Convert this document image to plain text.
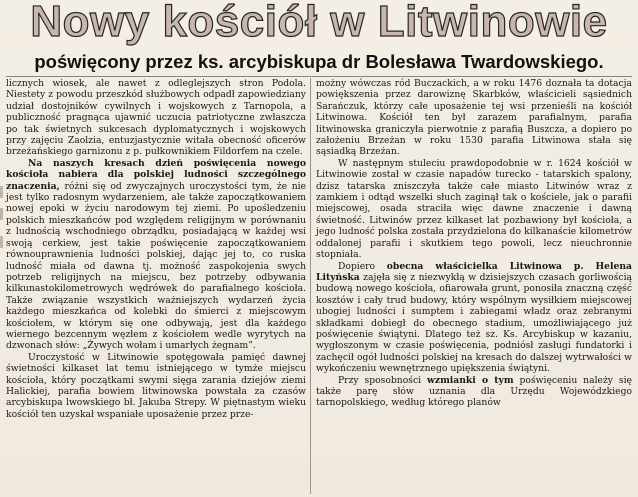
Nowy kościół w Litwinowie
poświęcony przez ks. arcybiskupa dr Bolesława Twardowskiego.

licznych wiosek, ale nawet z odleglejszych stron Podola. Niestety z powodu przeszkód służbowych odpadł zapowiedziany udział dostojników cywilnych i wojskowych z Tarnopola, a publiczność pragnąca ujawnić uczucia patriotyczne zwłaszcza po tak świetnych sukcesach dyplomatycznych i wojskowych przy zajęciu Zaolzia, entuzjastycznie witała obecność oficerów brzeżańskiego garnizonu z p. pułkownikiem Fildorfem na czele.

Na naszych kresach dzień poświęcenia nowego kościoła nabiera dla polskiej ludności szczególnego znaczenia, różni się od zwyczajnych uroczystości tym, że nie jest tylko radosnym wydarzeniem, ale także zapoczątkowaniem nowej epoki w życiu narodowym tej ziemi. Po upośledzeniu polskich mieszkańców pod względem religijnym w porównaniu z ludnością wschodniego obrządku, posiadającą w każdej wsi swoją cerkiew, jest takie poświęcenie zapoczątkowaniem równouprawnienia ludności polskiej, dając jej to, co ruska ludność miała od dawna tj. możność zaspokojenia swych potrzeb religijnych na miejscu, bez potrzeby odbywania kilkunastokilometrowych wędrówek do parafialnego kościoła. Także związanie wszystkich ważniejszych wydarzeń życia każdego mieszkańca od kolebki do śmierci z miejscowym kościołem, w którym się one odbywają, jest dla każdego wiernego bezcennym węzłem z kościołem wedle wyrytych na dzwonach słów: „Żywych wołam i umarłych żegnam”.

Uroczystość w Litwinowie spotęgowała pamięć dawnej świetności kilkaset lat temu istniejącego w tymże miejscu kościoła, który początkami swymi sięga zarania dziejów ziemi Halickiej, parafia bowiem litwinowska powstała za czasów arcybiskupa lwowskiego bł. Jakuba Strepy. W piętnastym wieku kościół ten uzyskał wspaniałe uposażenie przez prze-

możny wówczas ród Buczackich, a w roku 1476 doznała ta dotacja powiększenia przez darowiznę Skarbków, właścicieli sąsiednich Sarańczuk, którzy całe uposażenie tej wsi przenieśli na kościół Litwinowa. Kościół ten był zarazem parafialnym, parafia litwinowska graniczyła pierwotnie z parafią Buszcza, a dopiero po założeniu Brzeżan w roku 1530 parafia Litwinowa stała się sąsiadką Brzeżan.

W następnym stuleciu prawdopodobnie w r. 1624 kościół w Litwinowie został w czasie napadów turecko - tatarskich spalony, dzisz tatarska zniszczyła także całe miasto Litwinów wraz z zamkiem i odtąd wszelki słuch zaginął tak o kościele, jak o parafii miejscowej, osada straciła więc dawne znaczenie i dawną świetność. Litwinów przez kilkaset lat pozbawiony był kościoła, a jego ludność polska została przydzielona do kilkanaście kilometrów oddalonej parafii i skutkiem tego powoli, lecz nieuchronnie stopniała.

Dopiero obecna właścicielka Litwinowa p. Helena Lityńska zajęła się z niezwykłą w dzisiejszych czasach gorliwością budową nowego kościoła, ofiarowała grunt, ponosiła znaczną część kosztów i cały trud budowy, który wspólnym wysiłkiem miejscowej ubogiej ludności i sumptem i zabiegami władz oraz zebranymi składkami dobiegł do obecnego stadium, umożliwiającego już poświęcenie świątyni. Dlatego też sz. Ks. Arcybiskup w kazaniu, wygłoszonym w czasie poświęcenia, podniósł zasługi fundatorki i zachęcił ogół ludności polskiej na kresach do dalszej wytrwałości w wykończeniu wewnętrznego upiększenia świątyni.

Przy sposobności wzmianki o tym poświęceniu należy się także parę słów uznania dla Urzędu Wojewódzkiego tarnopolskiego, według którego planów
